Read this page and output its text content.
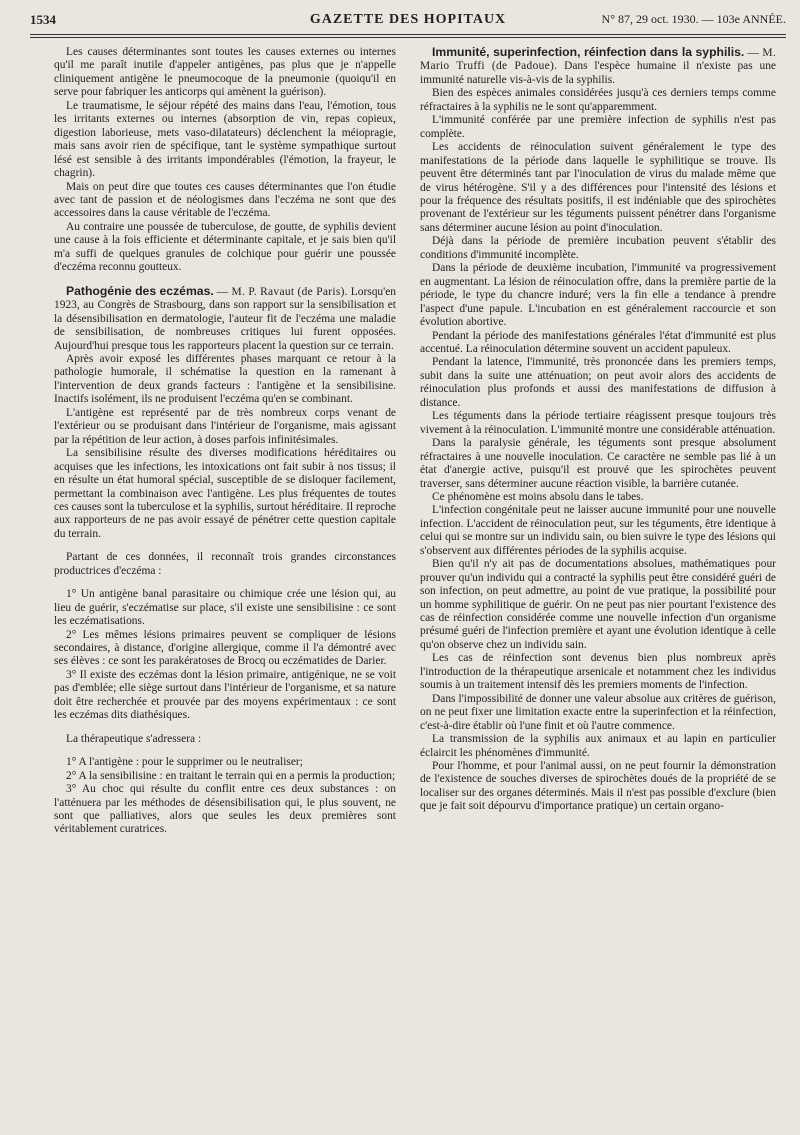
1534	GAZETTE DES HOPITAUX	N° 87, 29 oct. 1930. — 103e ANNÉE.

Les causes déterminantes sont toutes les causes externes ou internes qu'il me paraît inutile d'appeler antigènes, pas plus que je n'appelle cliniquement antigène le pneumocoque de la pneumonie (quoiqu'il en serve pour fabriquer les anticorps qui amènent la guérison).

Le traumatisme, le séjour répété des mains dans l'eau, l'émotion, tous les irritants externes ou internes (absorption de vin, repas copieux, digestion laborieuse, mets vaso-dilatateurs) déclenchent la méiopragie, mais sans avoir rien de spécifique, tant le système sympathique surtout lésé est sensible à des irritants impondérables (l'émotion, la frayeur, le chagrin).

Mais on peut dire que toutes ces causes déterminantes que l'on étudie avec tant de passion et de néologismes dans l'eczéma ne sont que des accessoires dans la cause véritable de l'eczéma.

Au contraire une poussée de tuberculose, de goutte, de syphilis devient une cause à la fois efficiente et déterminante capitale, et je sais bien qu'il m'a suffi de quelques granules de colchique pour guérir une poussée d'eczéma reconnu goutteux.

Pathogénie des eczémas. — M. P. Ravaut (de Paris). Lorsqu'en 1923, au Congrès de Strasbourg, dans son rapport sur la sensibilisation et la désensibilisation en dermatologie, l'auteur fit de l'eczéma une maladie de sensibilisation, de nombreuses critiques lui furent opposées. Aujourd'hui presque tous les rapporteurs placent la question sur ce terrain.

Après avoir exposé les différentes phases marquant ce retour à la pathologie humorale, il schématise la question en la ramenant à l'intervention de deux grands facteurs : l'antigène et la sensibilisine. Inactifs isolément, ils ne produisent l'eczéma qu'en se combinant.

L'antigène est représenté par de très nombreux corps venant de l'extérieur ou se produisant dans l'intérieur de l'organisme, mais agissant par la répétition de leur action, à doses parfois infinitésimales.

La sensibilisine résulte des diverses modifications héréditaires ou acquises que les infections, les intoxications ont fait subir à nos tissus; il en résulte un état humoral spécial, susceptible de se disloquer facilement, permettant la combinaison avec l'antigène. Les plus fréquentes de toutes ces causes sont la tuberculose et la syphilis, surtout héréditaire. Il reproche aux rapporteurs de ne pas avoir essayé de pénétrer cette question capitale du terrain.

Partant de ces données, il reconnaît trois grandes circonstances productrices d'eczéma :

1° Un antigène banal parasitaire ou chimique crée une lésion qui, au lieu de guérir, s'eczématise sur place, s'il existe une sensibilisine : ce sont les eczématisations.

2° Les mêmes lésions primaires peuvent se compliquer de lésions secondaires, à distance, d'origine allergique, comme il l'a démontré avec ses élèves : ce sont les parakératoses de Brocq ou eczématides de Darier.

3° Il existe des eczémas dont la lésion primaire, antigénique, ne se voit pas d'emblée; elle siège surtout dans l'intérieur de l'organisme, et sa nature doit être recherchée et prouvée par des moyens expérimentaux : ce sont les eczémas dits diathésiques.

La thérapeutique s'adressera :

1° A l'antigène : pour le supprimer ou le neutraliser;

2° A la sensibilisine : en traitant le terrain qui en a permis la production;

3° Au choc qui résulte du conflit entre ces deux substances : on l'atténuera par les méthodes de désensibilisation qui, le plus souvent, ne sont que palliatives, alors que seules les deux premières sont véritablement curatrices.

Immunité, superinfection, réinfection dans la syphilis. — M. Mario Truffi (de Padoue). Dans l'espèce humaine il n'existe pas une immunité naturelle vis-à-vis de la syphilis.

Bien des espèces animales considérées jusqu'à ces derniers temps comme réfractaires à la syphilis ne le sont qu'apparemment.

L'immunité conférée par une première infection de syphilis n'est pas complète.

Les accidents de réinoculation suivent généralement le type des manifestations de la période dans laquelle le syphilitique se trouve. Ils peuvent être déterminés tant par l'inoculation de virus du malade même que de virus hétérogène. S'il y a des différences pour l'intensité des lésions et pour la fréquence des résultats positifs, il est indéniable que des spirochètes provenant de l'extérieur sur les téguments puissent pénétrer dans l'organisme sans déterminer aucune lésion au point d'inoculation.

Déjà dans la période de première incubation peuvent s'établir des conditions d'immunité incomplète.

Dans la période de deuxième incubation, l'immunité va progressivement en augmentant. La lésion de réinoculation offre, dans la première partie de la période, le type du chancre induré; vers la fin elle a tendance à prendre l'aspect d'une papule. L'incubation en est généralement raccourcie et son évolution abortive.

Pendant la période des manifestations générales l'état d'immunité est plus accentué. La réinoculation détermine souvent un accident papuleux.

Pendant la latence, l'immunité, très prononcée dans les premiers temps, subit dans la suite une atténuation; on peut avoir alors des accidents de réinoculation plus profonds et aussi des manifestations de diffusion à distance.

Les téguments dans la période tertiaire réagissent presque toujours très vivement à la réinoculation. L'immunité montre une considérable atténuation.

Dans la paralysie générale, les téguments sont presque absolument réfractaires à une nouvelle inoculation. Ce caractère ne semble pas lié à un état d'anergie active, puisqu'il est prouvé que les spirochètes peuvent traverser, sans déterminer aucune réaction visible, la barrière cutanée.

Ce phénomène est moins absolu dans le tabes.

L'infection congénitale peut ne laisser aucune immunité pour une nouvelle infection. L'accident de réinoculation peut, sur les téguments, être identique à celui qui se montre sur un individu sain, ou bien suivre le type des lésions qui s'observent aux différentes périodes de la syphilis acquise.

Bien qu'il n'y ait pas de documentations absolues, mathématiques pour prouver qu'un individu qui a contracté la syphilis peut être considéré guéri de son infection, on peut admettre, au point de vue pratique, la possibilité pour un homme syphilitique de guérir. On ne peut pas nier pourtant l'existence des cas de réinfection considérée comme une nouvelle infection d'un organisme présumé guéri de l'infection première et ayant une évolution identique à celle qu'on observe chez un individu sain.

Les cas de réinfection sont devenus bien plus nombreux après l'introduction de la thérapeutique arsenicale et notamment chez les individus soumis à un traitement intensif dès les premiers moments de l'infection.

Dans l'impossibilité de donner une valeur absolue aux critères de guérison, on ne peut fixer une limitation exacte entre la superinfection et la réinfection, c'est-à-dire établir où l'une finit et où l'autre commence.

La transmission de la syphilis aux animaux et au lapin en particulier éclaircit les phénomènes d'immunité.

Pour l'homme, et pour l'animal aussi, on ne peut fournir la démonstration de l'existence de souches diverses de spirochètes doués de la propriété de se localiser sur des organes déterminés. Mais il n'est pas possible d'exclure (bien que je fait soit dépourvu d'importance pratique) un certain organo-
